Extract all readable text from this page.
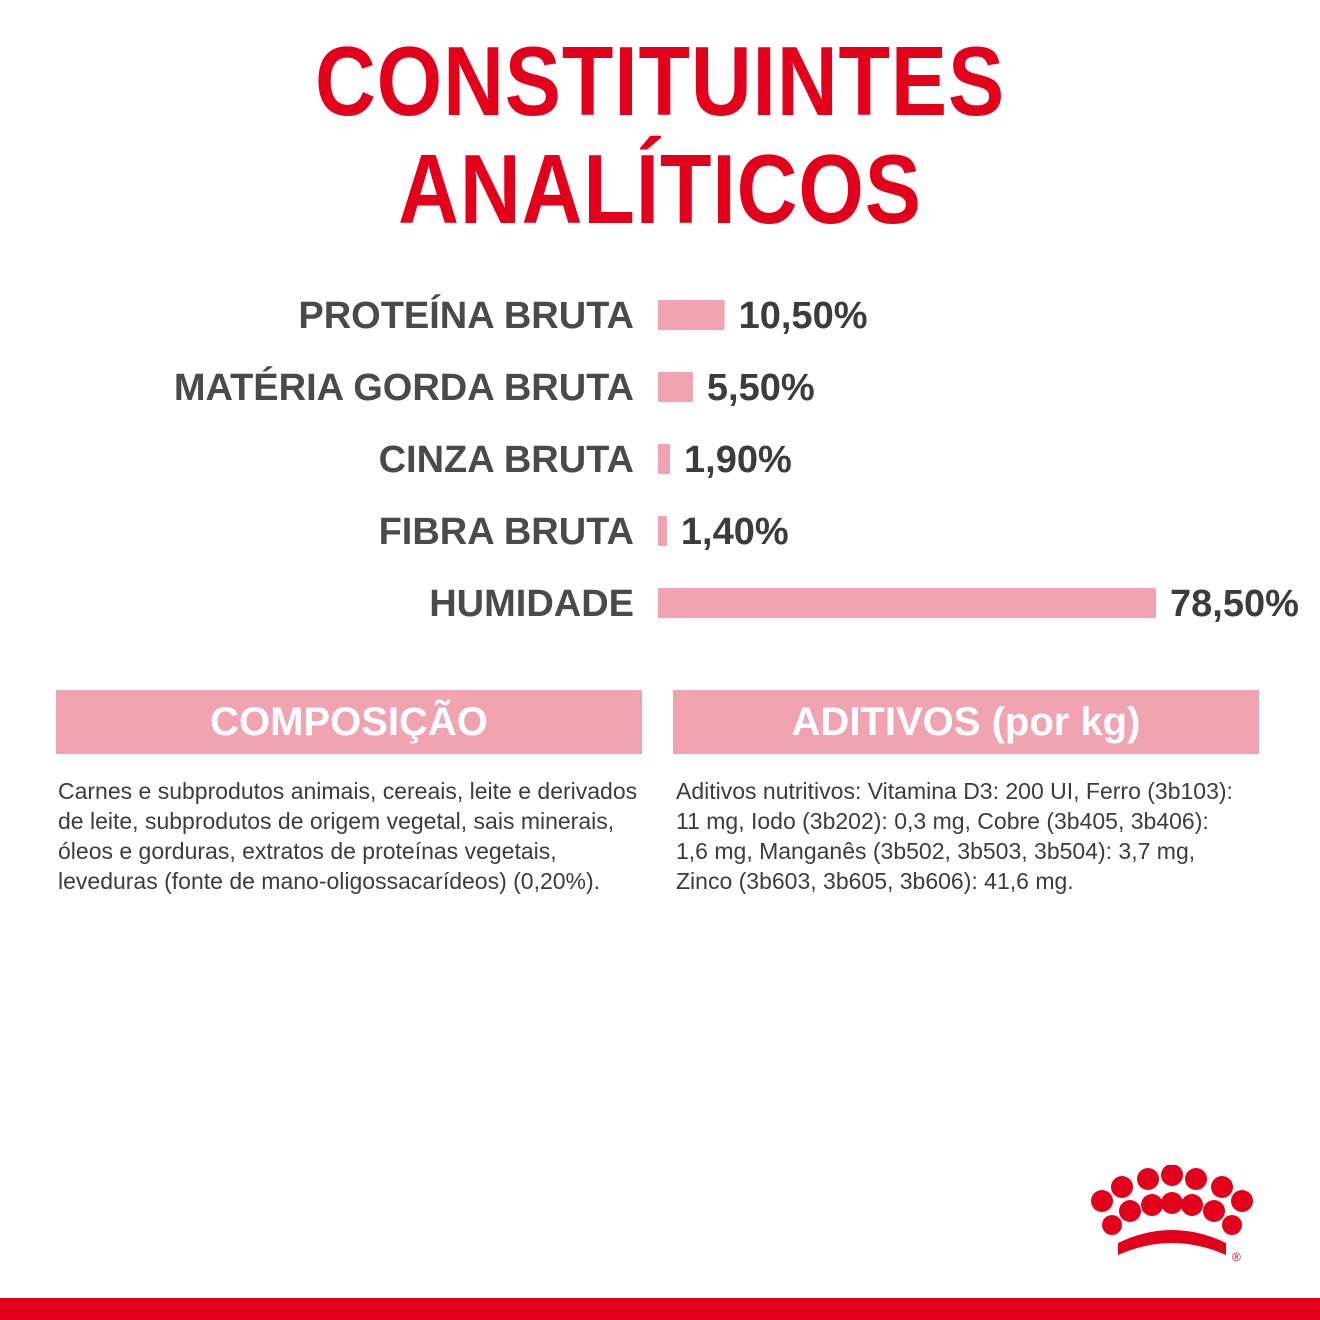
CONSTITUINTES ANALÍTICOS
PROTEÍNA BRUTA	10,50%
MATÉRIA GORDA BRUTA 5,50%
CINZA BRUTA 1,90%
FIBRA BRUTA 1,40%
HUMIDADE	78,50%
COMPOSIÇÃO	ADITIVOS (por kg)
Carnes e subprodutos animais, cereais, leite e derivados de leite, subprodutos de origem vegetal, sais minerais, óleos e gorduras, extratos de proteínas vegetais, leveduras (fonte de mano-oligossacarídeos) (0,20%).
Aditivos nutritivos: Vitamina D3: 200 UI, Ferro (3b103): 11 mg, Iodo (3b202): 0,3 mg, Cobre (3b405, 3b406): 1,6 mg, Manganês (3b502, 3b503, 3b504): 3,7 mg, Zinco (3b603, 3b605, 3b606): 41,6 mg.
®
